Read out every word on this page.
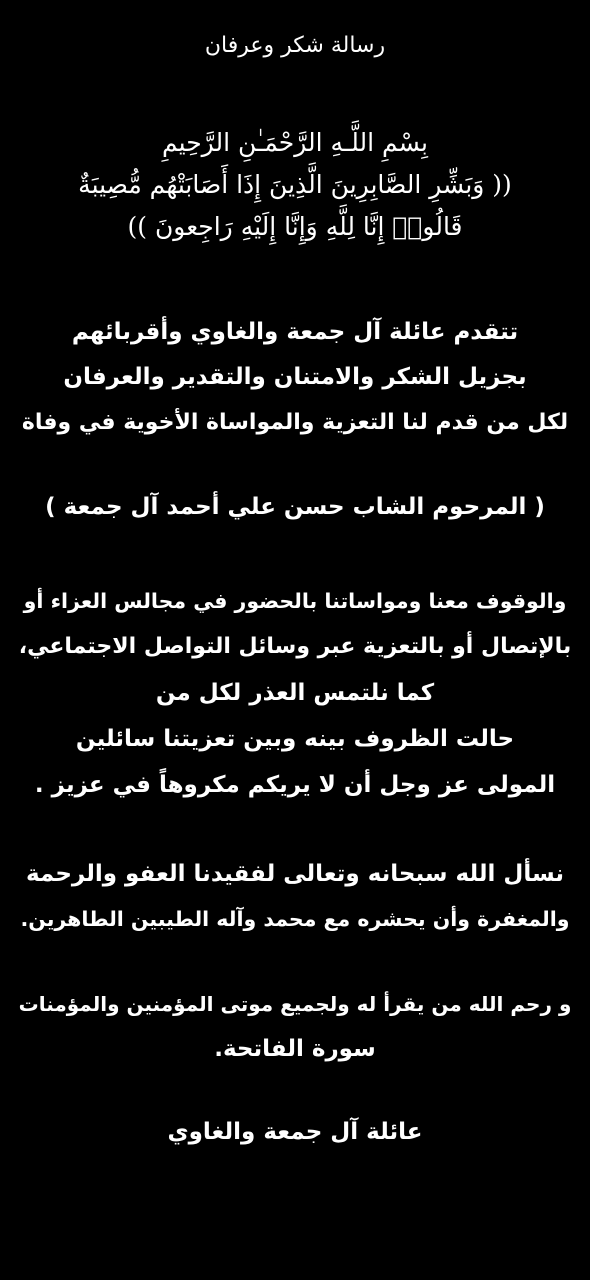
رسالة شكر وعرفان
بِسْمِ اللَّـهِ الرَّحْمَـٰنِ الرَّحِيمِ
(( وَبَشِّرِ الصَّابِرِينَ الَّذِينَ إِذَا أَصَابَتْهُم مُّصِيبَةٌ
قَالُوا۟ إِنَّا لِلَّهِ وَإِنَّا إِلَيْهِ رَاجِعونَ ))
تتقدم عائلة آل جمعة والغاوي وأقربائهم
بجزيل الشكر والامتنان والتقدير والعرفان
لكل من قدم لنا التعزية والمواساة الأخوية في وفاة
( المرحوم الشاب حسن علي أحمد آل جمعة )
والوقوف معنا ومواساتنا بالحضور في مجالس العزاء أو
بالإتصال أو بالتعزية عبر وسائل التواصل الاجتماعي،
كما نلتمس العذر لكل من
حالت الظروف بينه وبين تعزيتنا سائلين
المولى عز وجل أن لا يريكم مكروهاً في عزيز .
نسأل الله سبحانه وتعالى لفقيدنا العفو والرحمة
والمغفرة وأن يحشره مع محمد وآله الطيبين الطاهرين.
و رحم الله من يقرأ له ولجميع موتى المؤمنين والمؤمنات
سورة الفاتحة.
عائلة آل جمعة والغاوي
